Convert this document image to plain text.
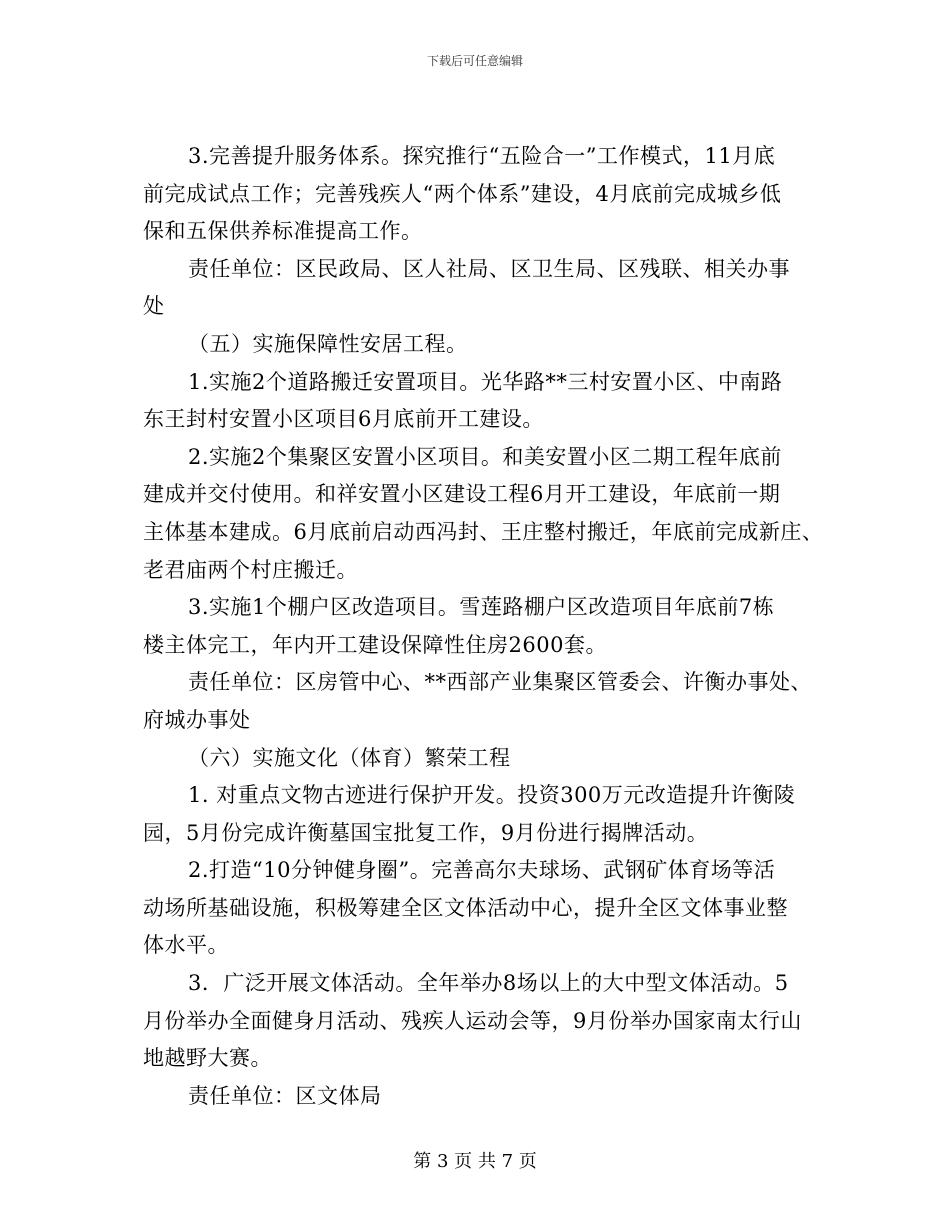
下载后可任意编辑
3.完善提升服务体系。探究推行“五险合一”工作模式，11月底
前完成试点工作；完善残疾人“两个体系”建设，4月底前完成城乡低
保和五保供养标准提高工作。
责任单位：区民政局、区人社局、区卫生局、区残联、相关办事
处
（五）实施保障性安居工程。
1.实施2个道路搬迁安置项目。光华路**三村安置小区、中南路
东王封村安置小区项目6月底前开工建设。
2.实施2个集聚区安置小区项目。和美安置小区二期工程年底前
建成并交付使用。和祥安置小区建设工程6月开工建设，年底前一期
主体基本建成。6月底前启动西冯封、王庄整村搬迁，年底前完成新庄、
老君庙两个村庄搬迁。
3.实施1个棚户区改造项目。雪莲路棚户区改造项目年底前7栋
楼主体完工，年内开工建设保障性住房2600套。
责任单位：区房管中心、**西部产业集聚区管委会、许衡办事处、
府城办事处
（六）实施文化（体育）繁荣工程
1. 对重点文物古迹进行保护开发。投资300万元改造提升许衡陵
园，5月份完成许衡墓国宝批复工作，9月份进行揭牌活动。
2.打造“10分钟健身圈”。完善高尔夫球场、武钢矿体育场等活
动场所基础设施，积极筹建全区文体活动中心，提升全区文体事业整
体水平。
3．广泛开展文体活动。全年举办8场以上的大中型文体活动。5
月份举办全面健身月活动、残疾人运动会等，9月份举办国家南太行山
地越野大赛。
责任单位：区文体局
第 3 页 共 7 页
